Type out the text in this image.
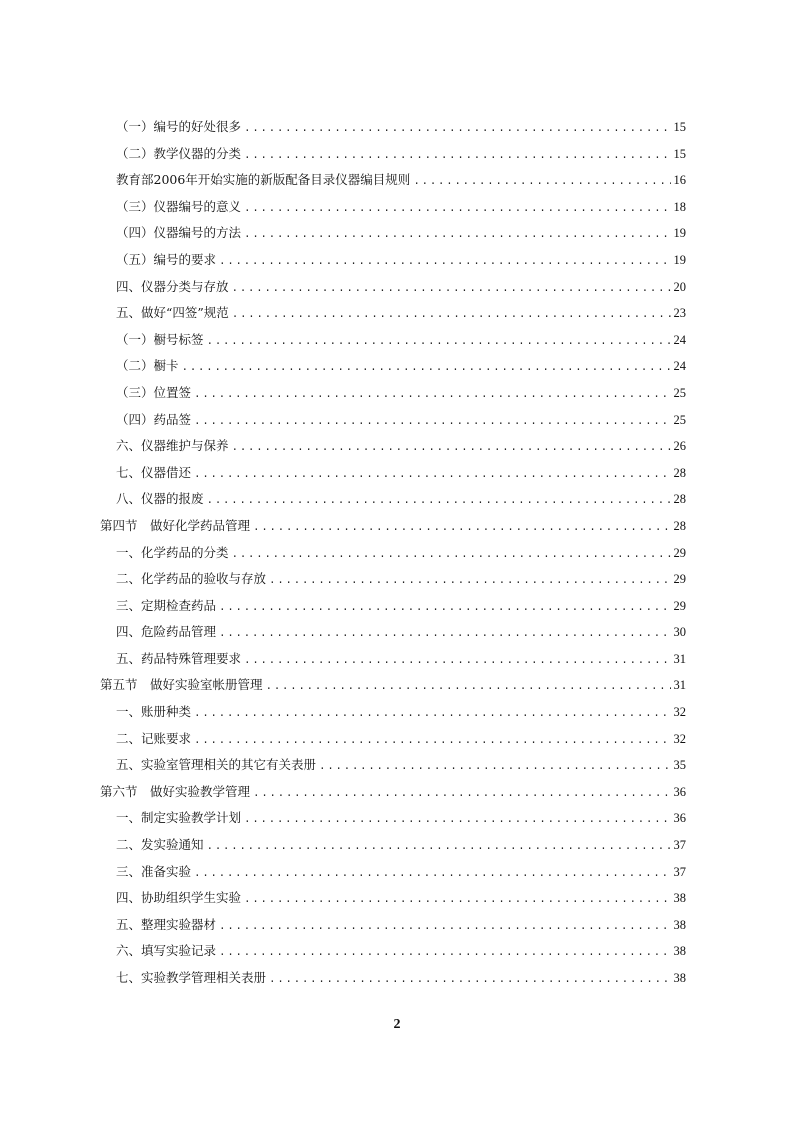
（一）编号的好处很多 .....	15
（二）教学仪器的分类 .....	15
教育部2006年开始实施的新版配备目录仪器编目规则 .....	16
（三）仪器编号的意义 .....	18
（四）仪器编号的方法 .....	19
（五）编号的要求 .....	19
四、仪器分类与存放 .....	20
五、做好“四签”规范 .....	23
（一）橱号标签 .....	24
（二）橱卡 .....	24
（三）位置签 .....	25
（四）药品签 .....	25
六、仪器维护与保养 .....	26
七、仪器借还 .....	28
八、仪器的报废 .....	28
第四节　做好化学药品管理 .....	28
一、化学药品的分类 .....	29
二、化学药品的验收与存放 .....	29
三、定期检查药品 .....	29
四、危险药品管理 .....	30
五、药品特殊管理要求 .....	31
第五节　做好实验室帐册管理 .....	31
一、账册种类 .....	32
二、记账要求 .....	32
五、实验室管理相关的其它有关表册 .....	35
第六节　做好实验教学管理 .....	36
一、制定实验教学计划 .....	36
二、发实验通知 .....	37
三、准备实验 .....	37
四、协助组织学生实验 .....	38
五、整理实验器材 .....	38
六、填写实验记录 .....	38
七、实验教学管理相关表册 .....	38
2
